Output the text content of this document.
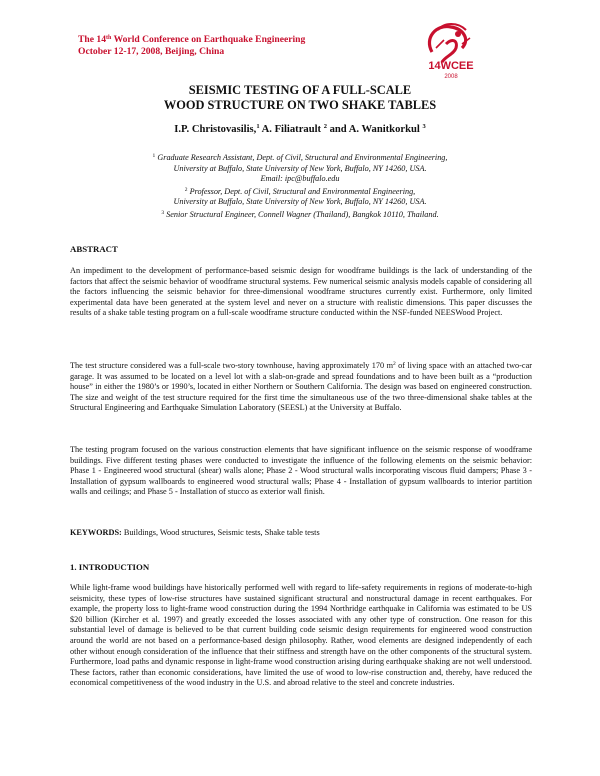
The 14th World Conference on Earthquake Engineering
October 12-17, 2008, Beijing, China
14WCEE
2008
SEISMIC TESTING OF A FULL-SCALE
WOOD STRUCTURE ON TWO SHAKE TABLES
I.P. Christovasilis,$^1$ A. Filiatrault $^2$ and A. Wanitkorkul $^3$
$^1$ Graduate Research Assistant, Dept. of Civil, Structural and Environmental Engineering,
University at Buffalo, State University of New York, Buffalo, NY 14260, USA.
Email: ipc@buffalo.edu
$^2$ Professor, Dept. of Civil, Structural and Environmental Engineering,
University at Buffalo, State University of New York, Buffalo, NY 14260, USA.
$^3$ Senior Structural Engineer, Connell Wagner (Thailand), Bangkok 10110, Thailand.
ABSTRACT
An impediment to the development of performance-based seismic design for woodframe buildings is the lack of understanding of the factors that affect the seismic behavior of woodframe structural systems. Few numerical seismic analysis models capable of considering all the factors influencing the seismic behavior for three-dimensional woodframe structures currently exist. Furthermore, only limited experimental data have been generated at the system level and never on a structure with realistic dimensions. This paper discusses the results of a shake table testing program on a full-scale woodframe structure conducted within the NSF-funded NEESWood Project.
The test structure considered was a full-scale two-story townhouse, having approximately 170 $m^2$ of living space with an attached two-car garage. It was assumed to be located on a level lot with a slab-on-grade and spread foundations and to have been built as a “production house” in either the 1980’s or 1990’s, located in either Northern or Southern California. The design was based on engineered construction. The size and weight of the test structure required for the first time the simultaneous use of the two three-dimensional shake tables at the Structural Engineering and Earthquake Simulation Laboratory (SEESL) at the University at Buffalo.
The testing program focused on the various construction elements that have significant influence on the seismic response of woodframe buildings. Five different testing phases were conducted to investigate the influence of the following elements on the seismic behavior: Phase 1 - Engineered wood structural (shear) walls alone; Phase 2 - Wood structural walls incorporating viscous fluid dampers; Phase 3 - Installation of gypsum wallboards to engineered wood structural walls; Phase 4 - Installation of gypsum wallboards to interior partition walls and ceilings; and Phase 5 - Installation of stucco as exterior wall finish.
KEYWORDS: Buildings, Wood structures, Seismic tests, Shake table tests
1. INTRODUCTION
While light-frame wood buildings have historically performed well with regard to life-safety requirements in regions of moderate-to-high seismicity, these types of low-rise structures have sustained significant structural and nonstructural damage in recent earthquakes. For example, the property loss to light-frame wood construction during the 1994 Northridge earthquake in California was estimated to be US $20 billion (Kircher et al. 1997) and greatly exceeded the losses associated with any other type of construction. One reason for this substantial level of damage is believed to be that current building code seismic design requirements for engineered wood construction around the world are not based on a performance-based design philosophy. Rather, wood elements are designed independently of each other without enough consideration of the influence that their stiffness and strength have on the other components of the structural system. Furthermore, load paths and dynamic response in light-frame wood construction arising during earthquake shaking are not well understood. These factors, rather than economic considerations, have limited the use of wood to low-rise construction and, thereby, have reduced the economical competitiveness of the wood industry in the U.S. and abroad relative to the steel and concrete industries.
